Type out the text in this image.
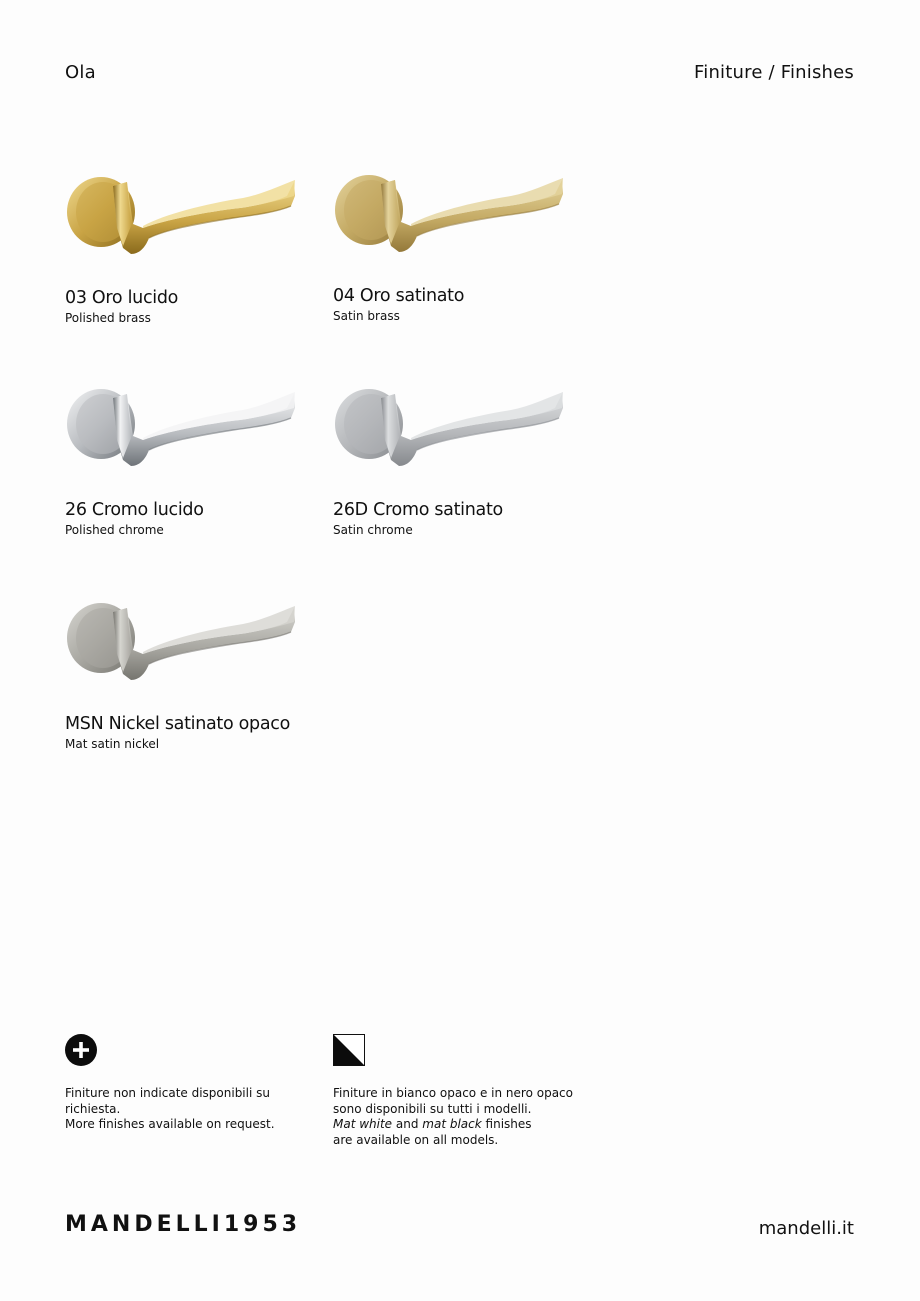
Ola	Finiture / Finishes
03 Oro lucido
Polished brass
04 Oro satinato
Satin brass
26 Cromo lucido
Polished chrome
26D Cromo satinato
Satin chrome
MSN Nickel satinato opaco
Mat satin nickel
Finiture non indicate disponibili su richiesta.
More finishes available on request.
Finiture in bianco opaco e in nero opaco
sono disponibili su tutti i modelli.
Mat white and mat black finishes
are available on all models.
MANDELLI1953	mandelli.it
